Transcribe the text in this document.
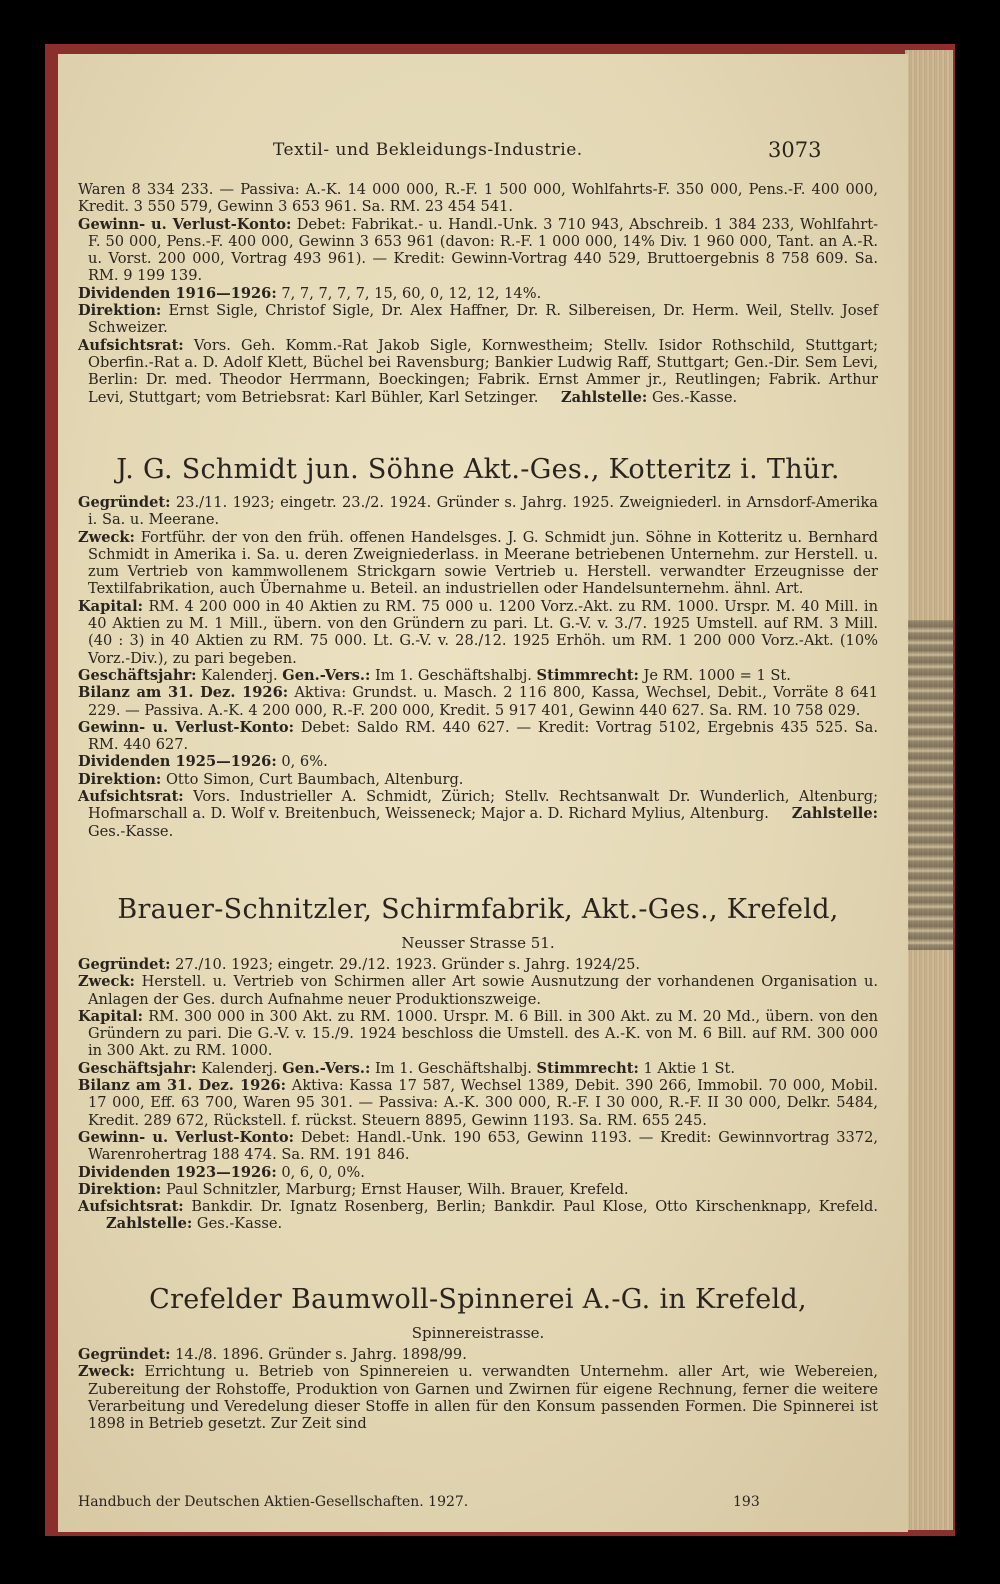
Textil- und Bekleidungs-Industrie.	3073

Waren 8 334 233. — Passiva: A.-K. 14 000 000, R.-F. 1 500 000, Wohlfahrts-F. 350 000, Pens.-F. 400 000, Kredit. 3 550 579, Gewinn 3 653 961. Sa. RM. 23 454 541.

Gewinn- u. Verlust-Konto: Debet: Fabrikat.- u. Handl.-Unk. 3 710 943, Abschreib. 1 384 233, Wohlfahrt-F. 50 000, Pens.-F. 400 000, Gewinn 3 653 961 (davon: R.-F. 1 000 000, 14% Div. 1 960 000, Tant. an A.-R. u. Vorst. 200 000, Vortrag 493 961). — Kredit: Gewinn-Vortrag 440 529, Bruttoergebnis 8 758 609. Sa. RM. 9 199 139.

Dividenden 1916—1926: 7, 7, 7, 7, 7, 15, 60, 0, 12, 12, 14%.

Direktion: Ernst Sigle, Christof Sigle, Dr. Alex Haffner, Dr. R. Silbereisen, Dr. Herm. Weil, Stellv. Josef Schweizer.

Aufsichtsrat: Vors. Geh. Komm.-Rat Jakob Sigle, Kornwestheim; Stellv. Isidor Rothschild, Stuttgart; Oberfin.-Rat a. D. Adolf Klett, Büchel bei Ravensburg; Bankier Ludwig Raff, Stuttgart; Gen.-Dir. Sem Levi, Berlin: Dr. med. Theodor Herrmann, Boeckingen; Fabrik. Ernst Ammer jr., Reutlingen; Fabrik. Arthur Levi, Stuttgart; vom Betriebsrat: Karl Bühler, Karl Setzinger. Zahlstelle: Ges.-Kasse.

J. G. Schmidt jun. Söhne Akt.-Ges., Kotteritz i. Thür.

Gegründet: 23./11. 1923; eingetr. 23./2. 1924. Gründer s. Jahrg. 1925. Zweigniederl. in Arnsdorf-Amerika i. Sa. u. Meerane.

Zweck: Fortführ. der von den früh. offenen Handelsges. J. G. Schmidt jun. Söhne in Kotteritz u. Bernhard Schmidt in Amerika i. Sa. u. deren Zweigniederlass. in Meerane betriebenen Unternehm. zur Herstell. u. zum Vertrieb von kammwollenem Strickgarn sowie Vertrieb u. Herstell. verwandter Erzeugnisse der Textilfabrikation, auch Übernahme u. Beteil. an industriellen oder Handelsunternehm. ähnl. Art.

Kapital: RM. 4 200 000 in 40 Aktien zu RM. 75 000 u. 1200 Vorz.-Akt. zu RM. 1000. Urspr. M. 40 Mill. in 40 Aktien zu M. 1 Mill., übern. von den Gründern zu pari. Lt. G.-V. v. 3./7. 1925 Umstell. auf RM. 3 Mill. (40 : 3) in 40 Aktien zu RM. 75 000. Lt. G.-V. v. 28./12. 1925 Erhöh. um RM. 1 200 000 Vorz.-Akt. (10% Vorz.-Div.), zu pari begeben.

Geschäftsjahr: Kalenderj. Gen.-Vers.: Im 1. Geschäftshalbj. Stimmrecht: Je RM. 1000 = 1 St.

Bilanz am 31. Dez. 1926: Aktiva: Grundst. u. Masch. 2 116 800, Kassa, Wechsel, Debit., Vorräte 8 641 229. — Passiva. A.-K. 4 200 000, R.-F. 200 000, Kredit. 5 917 401, Gewinn 440 627. Sa. RM. 10 758 029.

Gewinn- u. Verlust-Konto: Debet: Saldo RM. 440 627. — Kredit: Vortrag 5102, Ergebnis 435 525. Sa. RM. 440 627.

Dividenden 1925—1926: 0, 6%.

Direktion: Otto Simon, Curt Baumbach, Altenburg.

Aufsichtsrat: Vors. Industrieller A. Schmidt, Zürich; Stellv. Rechtsanwalt Dr. Wunderlich, Altenburg; Hofmarschall a. D. Wolf v. Breitenbuch, Weisseneck; Major a. D. Richard Mylius, Altenburg. Zahlstelle: Ges.-Kasse.

Brauer-Schnitzler, Schirmfabrik, Akt.-Ges., Krefeld,
Neusser Strasse 51.

Gegründet: 27./10. 1923; eingetr. 29./12. 1923. Gründer s. Jahrg. 1924/25.

Zweck: Herstell. u. Vertrieb von Schirmen aller Art sowie Ausnutzung der vorhandenen Organisation u. Anlagen der Ges. durch Aufnahme neuer Produktionszweige.

Kapital: RM. 300 000 in 300 Akt. zu RM. 1000. Urspr. M. 6 Bill. in 300 Akt. zu M. 20 Md., übern. von den Gründern zu pari. Die G.-V. v. 15./9. 1924 beschloss die Umstell. des A.-K. von M. 6 Bill. auf RM. 300 000 in 300 Akt. zu RM. 1000.

Geschäftsjahr: Kalenderj. Gen.-Vers.: Im 1. Geschäftshalbj. Stimmrecht: 1 Aktie 1 St.

Bilanz am 31. Dez. 1926: Aktiva: Kassa 17 587, Wechsel 1389, Debit. 390 266, Immobil. 70 000, Mobil. 17 000, Eff. 63 700, Waren 95 301. — Passiva: A.-K. 300 000, R.-F. I 30 000, R.-F. II 30 000, Delkr. 5484, Kredit. 289 672, Rückstell. f. rückst. Steuern 8895, Gewinn 1193. Sa. RM. 655 245.

Gewinn- u. Verlust-Konto: Debet: Handl.-Unk. 190 653, Gewinn 1193. — Kredit: Gewinnvortrag 3372, Warenrohertrag 188 474. Sa. RM. 191 846.

Dividenden 1923—1926: 0, 6, 0, 0%.

Direktion: Paul Schnitzler, Marburg; Ernst Hauser, Wilh. Brauer, Krefeld.

Aufsichtsrat: Bankdir. Dr. Ignatz Rosenberg, Berlin; Bankdir. Paul Klose, Otto Kirschenknapp, Krefeld. Zahlstelle: Ges.-Kasse.

Crefelder Baumwoll-Spinnerei A.-G. in Krefeld,
Spinnereistrasse.

Gegründet: 14./8. 1896. Gründer s. Jahrg. 1898/99.

Zweck: Errichtung u. Betrieb von Spinnereien u. verwandten Unternehm. aller Art, wie Webereien, Zubereitung der Rohstoffe, Produktion von Garnen und Zwirnen für eigene Rechnung, ferner die weitere Verarbeitung und Veredelung dieser Stoffe in allen für den Konsum passenden Formen. Die Spinnerei ist 1898 in Betrieb gesetzt. Zur Zeit sind

Handbuch der Deutschen Aktien-Gesellschaften. 1927.	193
